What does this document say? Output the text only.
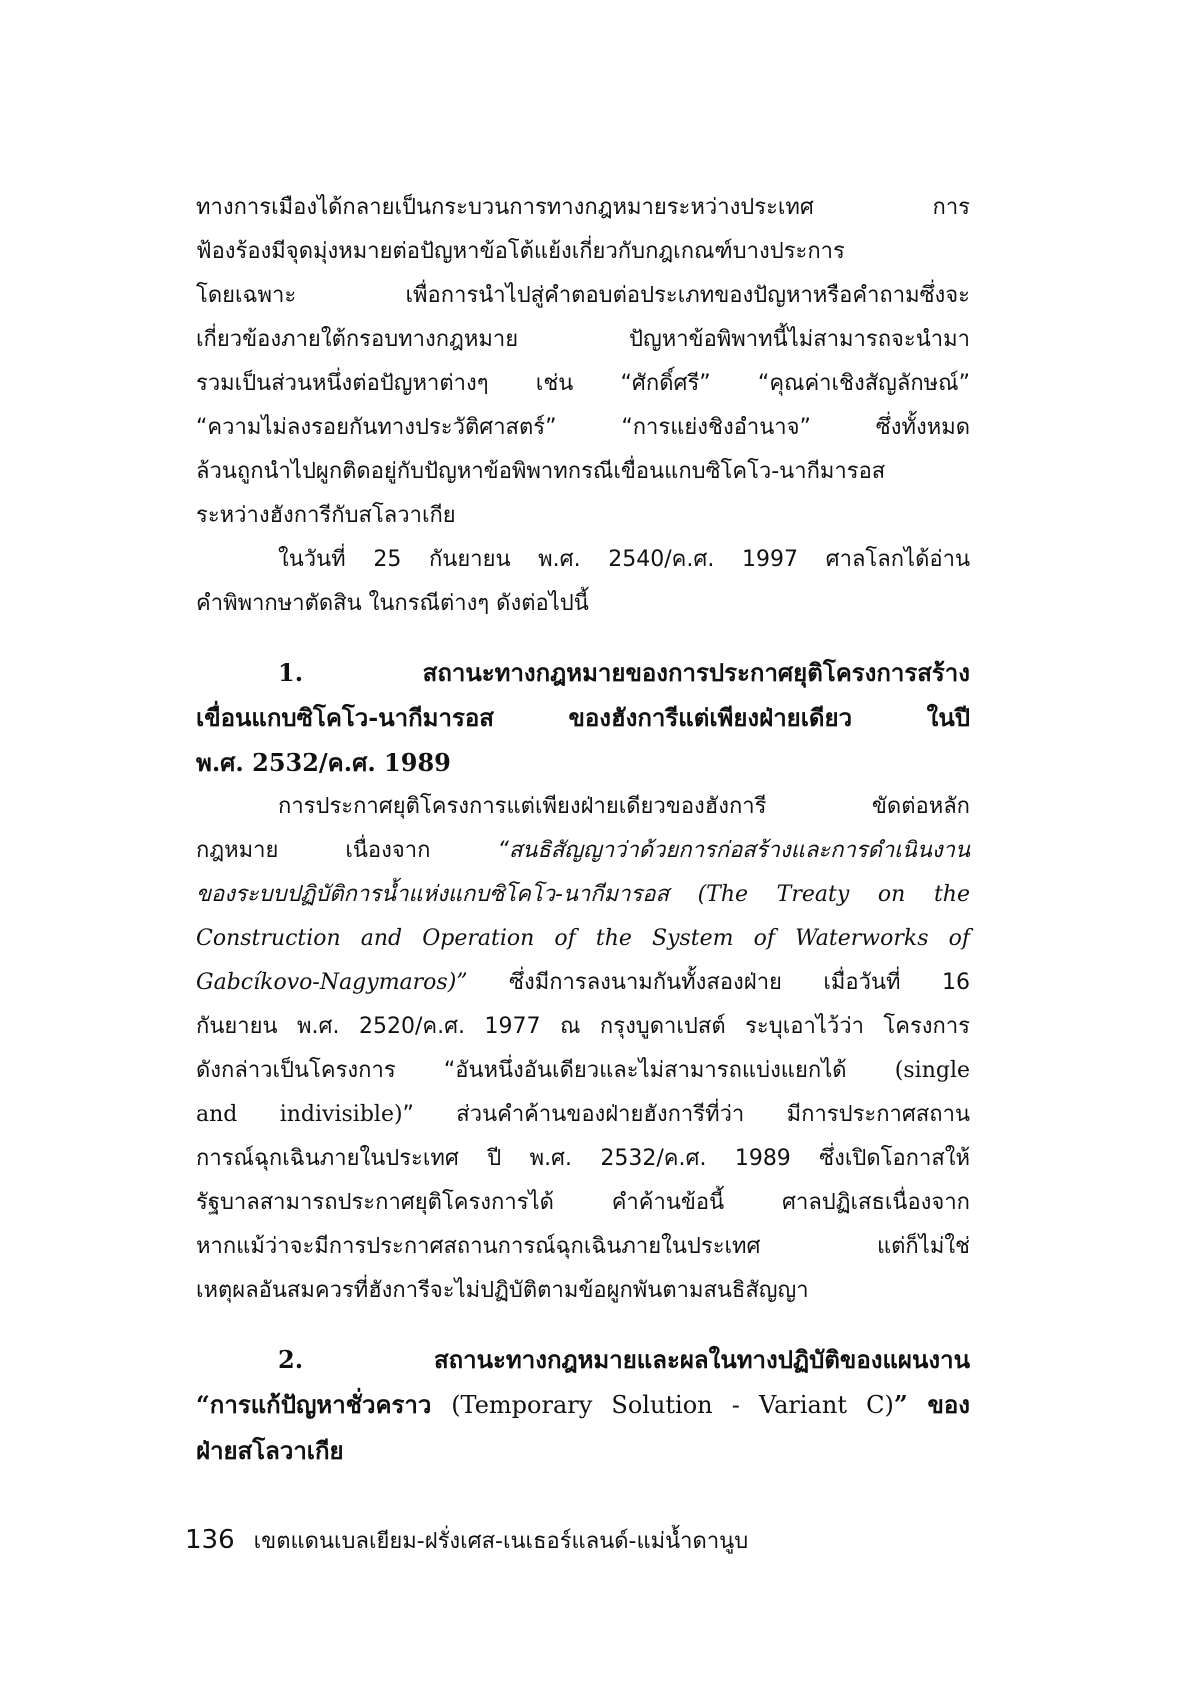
ทางการเมืองได้กลายเป็นกระบวนการทางกฎหมายระหว่างประเทศ การ
ฟ้องร้องมีจุดมุ่งหมายต่อปัญหาข้อโต้แย้งเกี่ยวกับกฎเกณฑ์บางประการ
โดยเฉพาะ เพื่อการนำไปสู่คำตอบต่อประเภทของปัญหาหรือคำถามซึ่งจะ
เกี่ยวข้องภายใต้กรอบทางกฎหมาย ปัญหาข้อพิพาทนี้ไม่สามารถจะนำมา
รวมเป็นส่วนหนึ่งต่อปัญหาต่างๆ เช่น “ศักดิ์ศรี” “คุณค่าเชิงสัญลักษณ์”
“ความไม่ลงรอยกันทางประวัติศาสตร์” “การแย่งชิงอำนาจ” ซึ่งทั้งหมด
ล้วนถูกนำไปผูกติดอยู่กับปัญหาข้อพิพาทกรณีเขื่อนแกบซิโคโว-นากีมารอส
ระหว่างฮังการีกับสโลวาเกีย

ในวันที่ 25 กันยายน พ.ศ. 2540/ค.ศ. 1997 ศาลโลกได้อ่าน
คำพิพากษาตัดสิน ในกรณีต่างๆ ดังต่อไปนี้

1. สถานะทางกฎหมายของการประกาศยุติโครงการสร้าง
เขื่อนแกบซิโคโว-นากีมารอส ของฮังการีแต่เพียงฝ่ายเดียว ในปี
พ.ศ. 2532/ค.ศ. 1989

การประกาศยุติโครงการแต่เพียงฝ่ายเดียวของฮังการี ขัดต่อหลัก
กฎหมาย เนื่องจาก “สนธิสัญญาว่าด้วยการก่อสร้างและการดำเนินงาน
ของระบบปฏิบัติการน้ำแห่งแกบซิโคโว-นากีมารอส (The Treaty on the
Construction and Operation of the System of Waterworks of
Gabcíkovo-Nagymaros)” ซึ่งมีการลงนามกันทั้งสองฝ่าย เมื่อวันที่ 16
กันยายน พ.ศ. 2520/ค.ศ. 1977 ณ กรุงบูดาเปสต์ ระบุเอาไว้ว่า โครงการ
ดังกล่าวเป็นโครงการ “อันหนึ่งอันเดียวและไม่สามารถแบ่งแยกได้ (single
and indivisible)” ส่วนคำค้านของฝ่ายฮังการีที่ว่า มีการประกาศสถาน
การณ์ฉุกเฉินภายในประเทศ ปี พ.ศ. 2532/ค.ศ. 1989 ซึ่งเปิดโอกาสให้
รัฐบาลสามารถประกาศยุติโครงการได้ คำค้านข้อนี้ ศาลปฏิเสธเนื่องจาก
หากแม้ว่าจะมีการประกาศสถานการณ์ฉุกเฉินภายในประเทศ แต่ก็ไม่ใช่
เหตุผลอันสมควรที่ฮังการีจะไม่ปฏิบัติตามข้อผูกพันตามสนธิสัญญา

2. สถานะทางกฎหมายและผลในทางปฏิบัติของแผนงาน
“การแก้ปัญหาชั่วคราว (Temporary Solution - Variant C)” ของ
ฝ่ายสโลวาเกีย

136 เขตแดนเบลเยียม-ฝรั่งเศส-เนเธอร์แลนด์-แม่น้ำดานูบ
